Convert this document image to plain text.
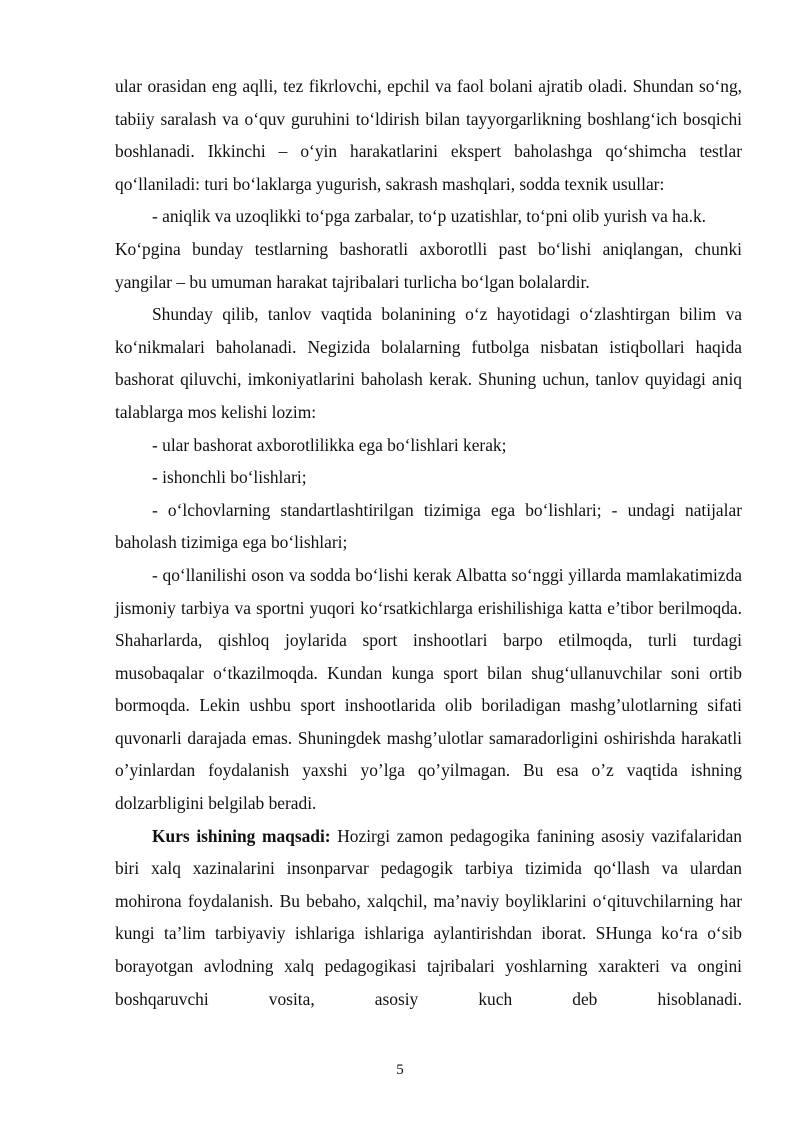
ular orasidan eng aqlli, tez fikrlovchi, epchil va faol bolani ajratib oladi. Shundan so‘ng, tabiiy saralash va o‘quv guruhini to‘ldirish bilan tayyorgarlikning boshlang‘ich bosqichi boshlanadi. Ikkinchi – o‘yin harakatlarini ekspert baholashga qo‘shimcha testlar qo‘llaniladi: turi bo‘laklarga yugurish, sakrash mashqlari, sodda texnik usullar:

- aniqlik va uzoqlikki to‘pga zarbalar, to‘p uzatishlar, to‘pni olib yurish va ha.k.

Ko‘pgina bunday testlarning bashoratli axborotlli past bo‘lishi aniqlangan, chunki yangilar – bu umuman harakat tajribalari turlicha bo‘lgan bolalardir.

Shunday qilib, tanlov vaqtida bolanining o‘z hayotidagi o‘zlashtirgan bilim va ko‘nikmalari baholanadi. Negizida bolalarning futbolga nisbatan istiqbollari haqida bashorat qiluvchi, imkoniyatlarini baholash kerak. Shuning uchun, tanlov quyidagi aniq talablarga mos kelishi lozim:

- ular bashorat axborotlilikka ega bo‘lishlari kerak;

- ishonchli bo‘lishlari;

- o‘lchovlarning standartlashtirilgan tizimiga ega bo‘lishlari; - undagi natijalar baholash tizimiga ega bo‘lishlari;

- qo‘llanilishi oson va sodda bo‘lishi kerak Albatta so‘nggi yillarda mamlakatimizda jismoniy tarbiya va sportni yuqori ko‘rsatkichlarga erishilishiga katta e’tibor berilmoqda. Shaharlarda, qishloq joylarida sport inshootlari barpo etilmoqda, turli turdagi musobaqalar o‘tkazilmoqda. Kundan kunga sport bilan shug‘ullanuvchilar soni ortib bormoqda. Lekin ushbu sport inshootlarida olib boriladigan mashg’ulotlarning sifati quvonarli darajada emas. Shuningdek mashg’ulotlar samaradorligini oshirishda harakatli o’yinlardan foydalanish yaxshi yo’lga qo’yilmagan. Bu esa o’z vaqtida ishning dolzarbligini belgilab beradi.

Kurs ishining maqsadi: Hozirgi zamon pedagogika fanining asosiy vazifalaridan biri xalq xazinalarini insonparvar pedagogik tarbiya tizimida qo‘llash va ulardan mohirona foydalanish. Bu bebaho, xalqchil, ma’naviy boyliklarini o‘qituvchilarning har kungi ta’lim tarbiyaviy ishlariga ishlariga aylantirishdan iborat. SHunga ko‘ra o‘sib borayotgan avlodning xalq pedagogikasi tajribalari yoshlarning xarakteri va ongini boshqaruvchi vosita, asosiy kuch deb hisoblanadi.

5
